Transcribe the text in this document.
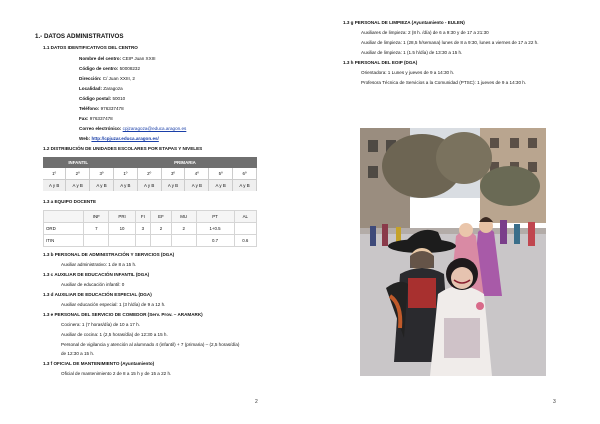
1.- DATOS ADMINISTRATIVOS
1.1 DATOS IDENTIFICATIVOS DEL CENTRO
Nombre del centro: CEIP Juan XXIII
Código de centro: 50008232
Dirección: C/ Juan XXIII, 2
Localidad: Zaragoza
Código postal: 50010
Teléfono: 976337478
Fax: 976337478
Correo electrónico: cpjzaragoza@educa.aragon.es
Web: http://cpjuzar.educa.aragon.es/
1.2 DISTRIBUCIÓN DE UNIDADES ESCOLARES POR ETAPAS Y NIVELES
INFANTIL			PRIMARIA					
1º	2º	3º	1º	2º	3º	4º	5º	6º
A y B	A y B	A y B	A y B	A y B	A y B	A y B	A y B	A y B
1.3 a EQUIPO DOCENTE
	INF	PRI	FI	EF	MU	PT	AL
ORD	7	10	3	2	2	1+0.5	
ITIN						0.7	0.6
1.3 b PERSONAL DE ADMINISTRACIÓN Y SERVICIOS (DGA)
Auxiliar administrativo: 1 de 8 a 15 h.
1.3 c AUXILIAR DE EDUCACIÓN INFANTIL (DGA)
Auxiliar de educación infantil: 0
1.3 d AUXILIAR DE EDUCACIÓN ESPECIAL (DGA)
Auxiliar educación especial: 1 (3 h/día) de 9 a 12 h.
1.3 e PERSONAL DEL SERVICIO DE COMEDOR (Serv. Prov. – ARAMARK)
Cocinera: 1 (7 horas/día) de 10 a 17 h.
Auxiliar de cocina: 1 (2,5 horas/día) de 12:30 a 15 h.
Personal de vigilancia y atención al alumnado 4 (infantil) + 7 (primaria) – (2,5 horas/día)
de 12:30 a 15 h.
1.3 f OFICIAL DE MANTENIMIENTO (Ayuntamiento)
Oficial de mantenimiento 2 de 8 a 15 h y de 15 a 22 h.
2
1.3 g PERSONAL DE LIMPIEZA (Ayuntamiento - EULEN)
Auxiliares de limpieza: 2 (8 h. /día) de 6 a 9:30 y de 17 a 21:30
Auxiliar de limpieza: 1 (28,5 h/semana) lunes de 8 a 9:30, lunes a viernes de 17 a 22 h.
Auxiliar de limpieza: 1 (1.5 h/día) de 13:30 a 15 h.
1.3 h PERSONAL DEL EOIP (DGA)
Orientadora: 1 Lunes y jueves de 9 a 14:30 h.
Profesora Técnica de Servicios a la Comunidad (PTSC): 1 jueves de 9 a 14:30 h.
3
